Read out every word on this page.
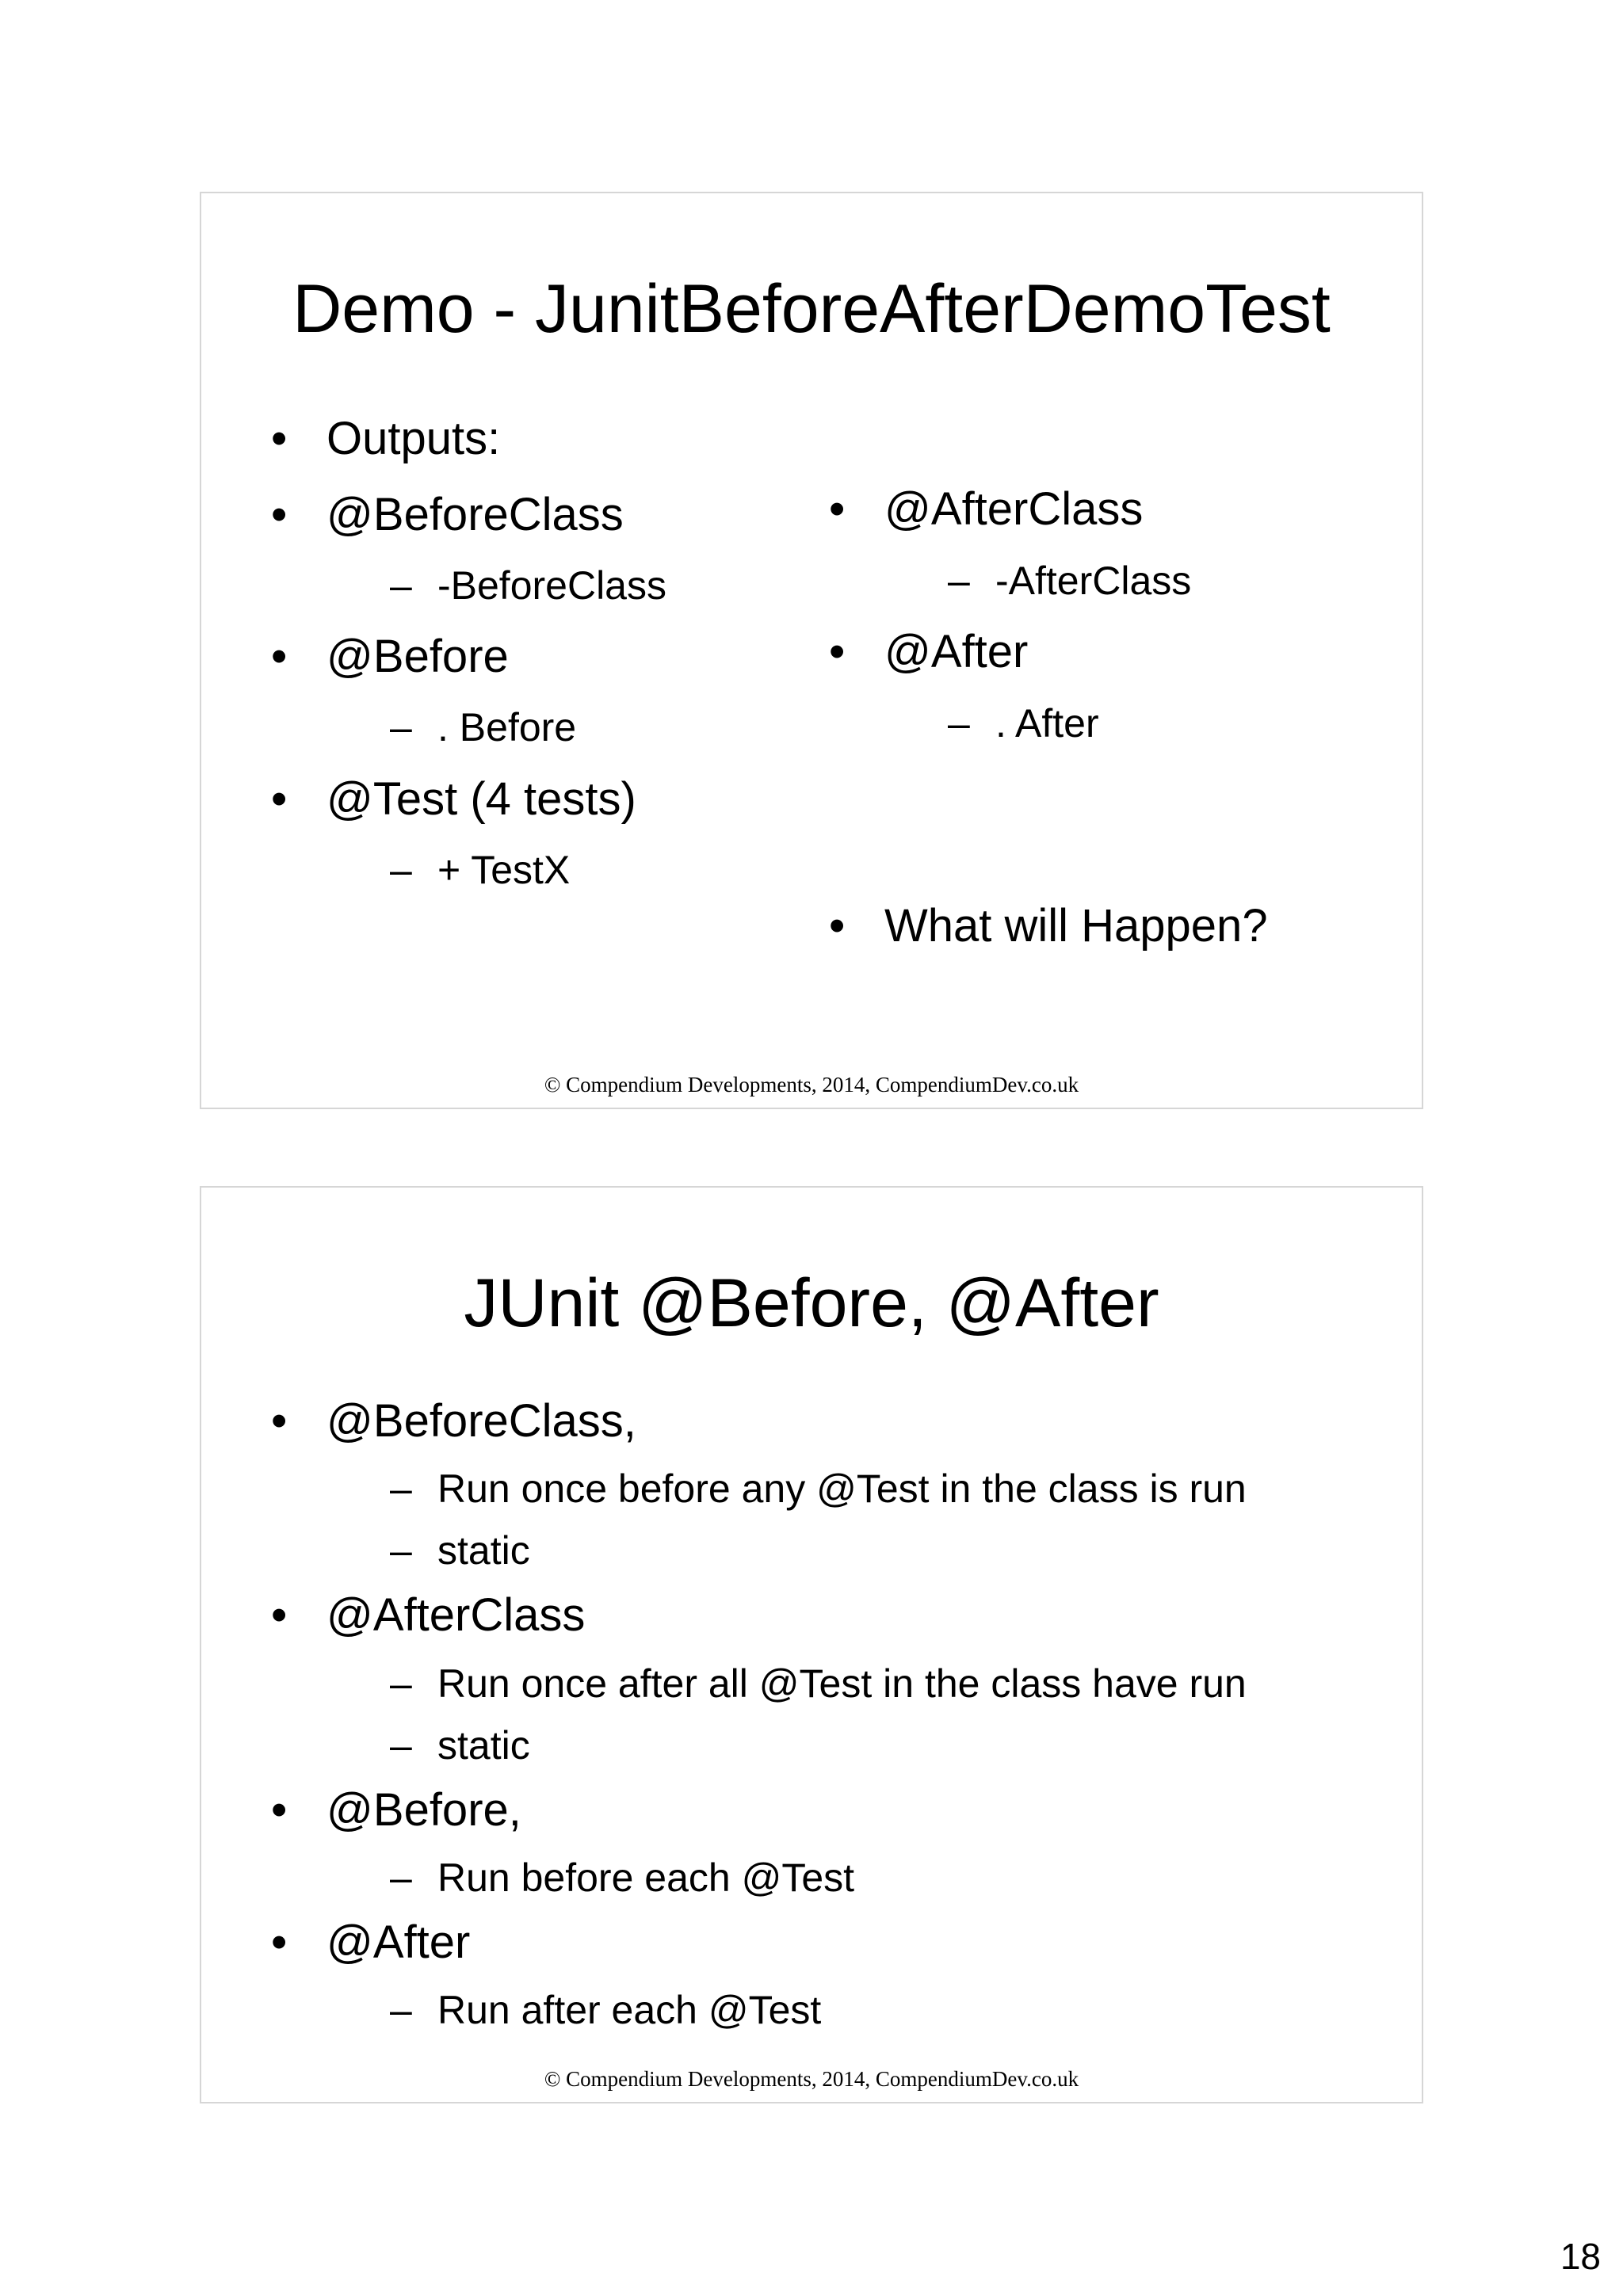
Demo - JunitBeforeAfterDemoTest
• Outputs:
• @BeforeClass
– -BeforeClass
• @Before
– . Before
• @Test (4 tests)
– + TestX
• @AfterClass
– -AfterClass
• @After
– . After
• What will Happen?
© Compendium Developments, 2014, CompendiumDev.co.uk
JUnit @Before, @After
• @BeforeClass,
– Run once before any @Test in the class is run
– static
• @AfterClass
– Run once after all @Test in the class have run
– static
• @Before,
– Run before each @Test
• @After
– Run after each @Test
© Compendium Developments, 2014, CompendiumDev.co.uk
18
